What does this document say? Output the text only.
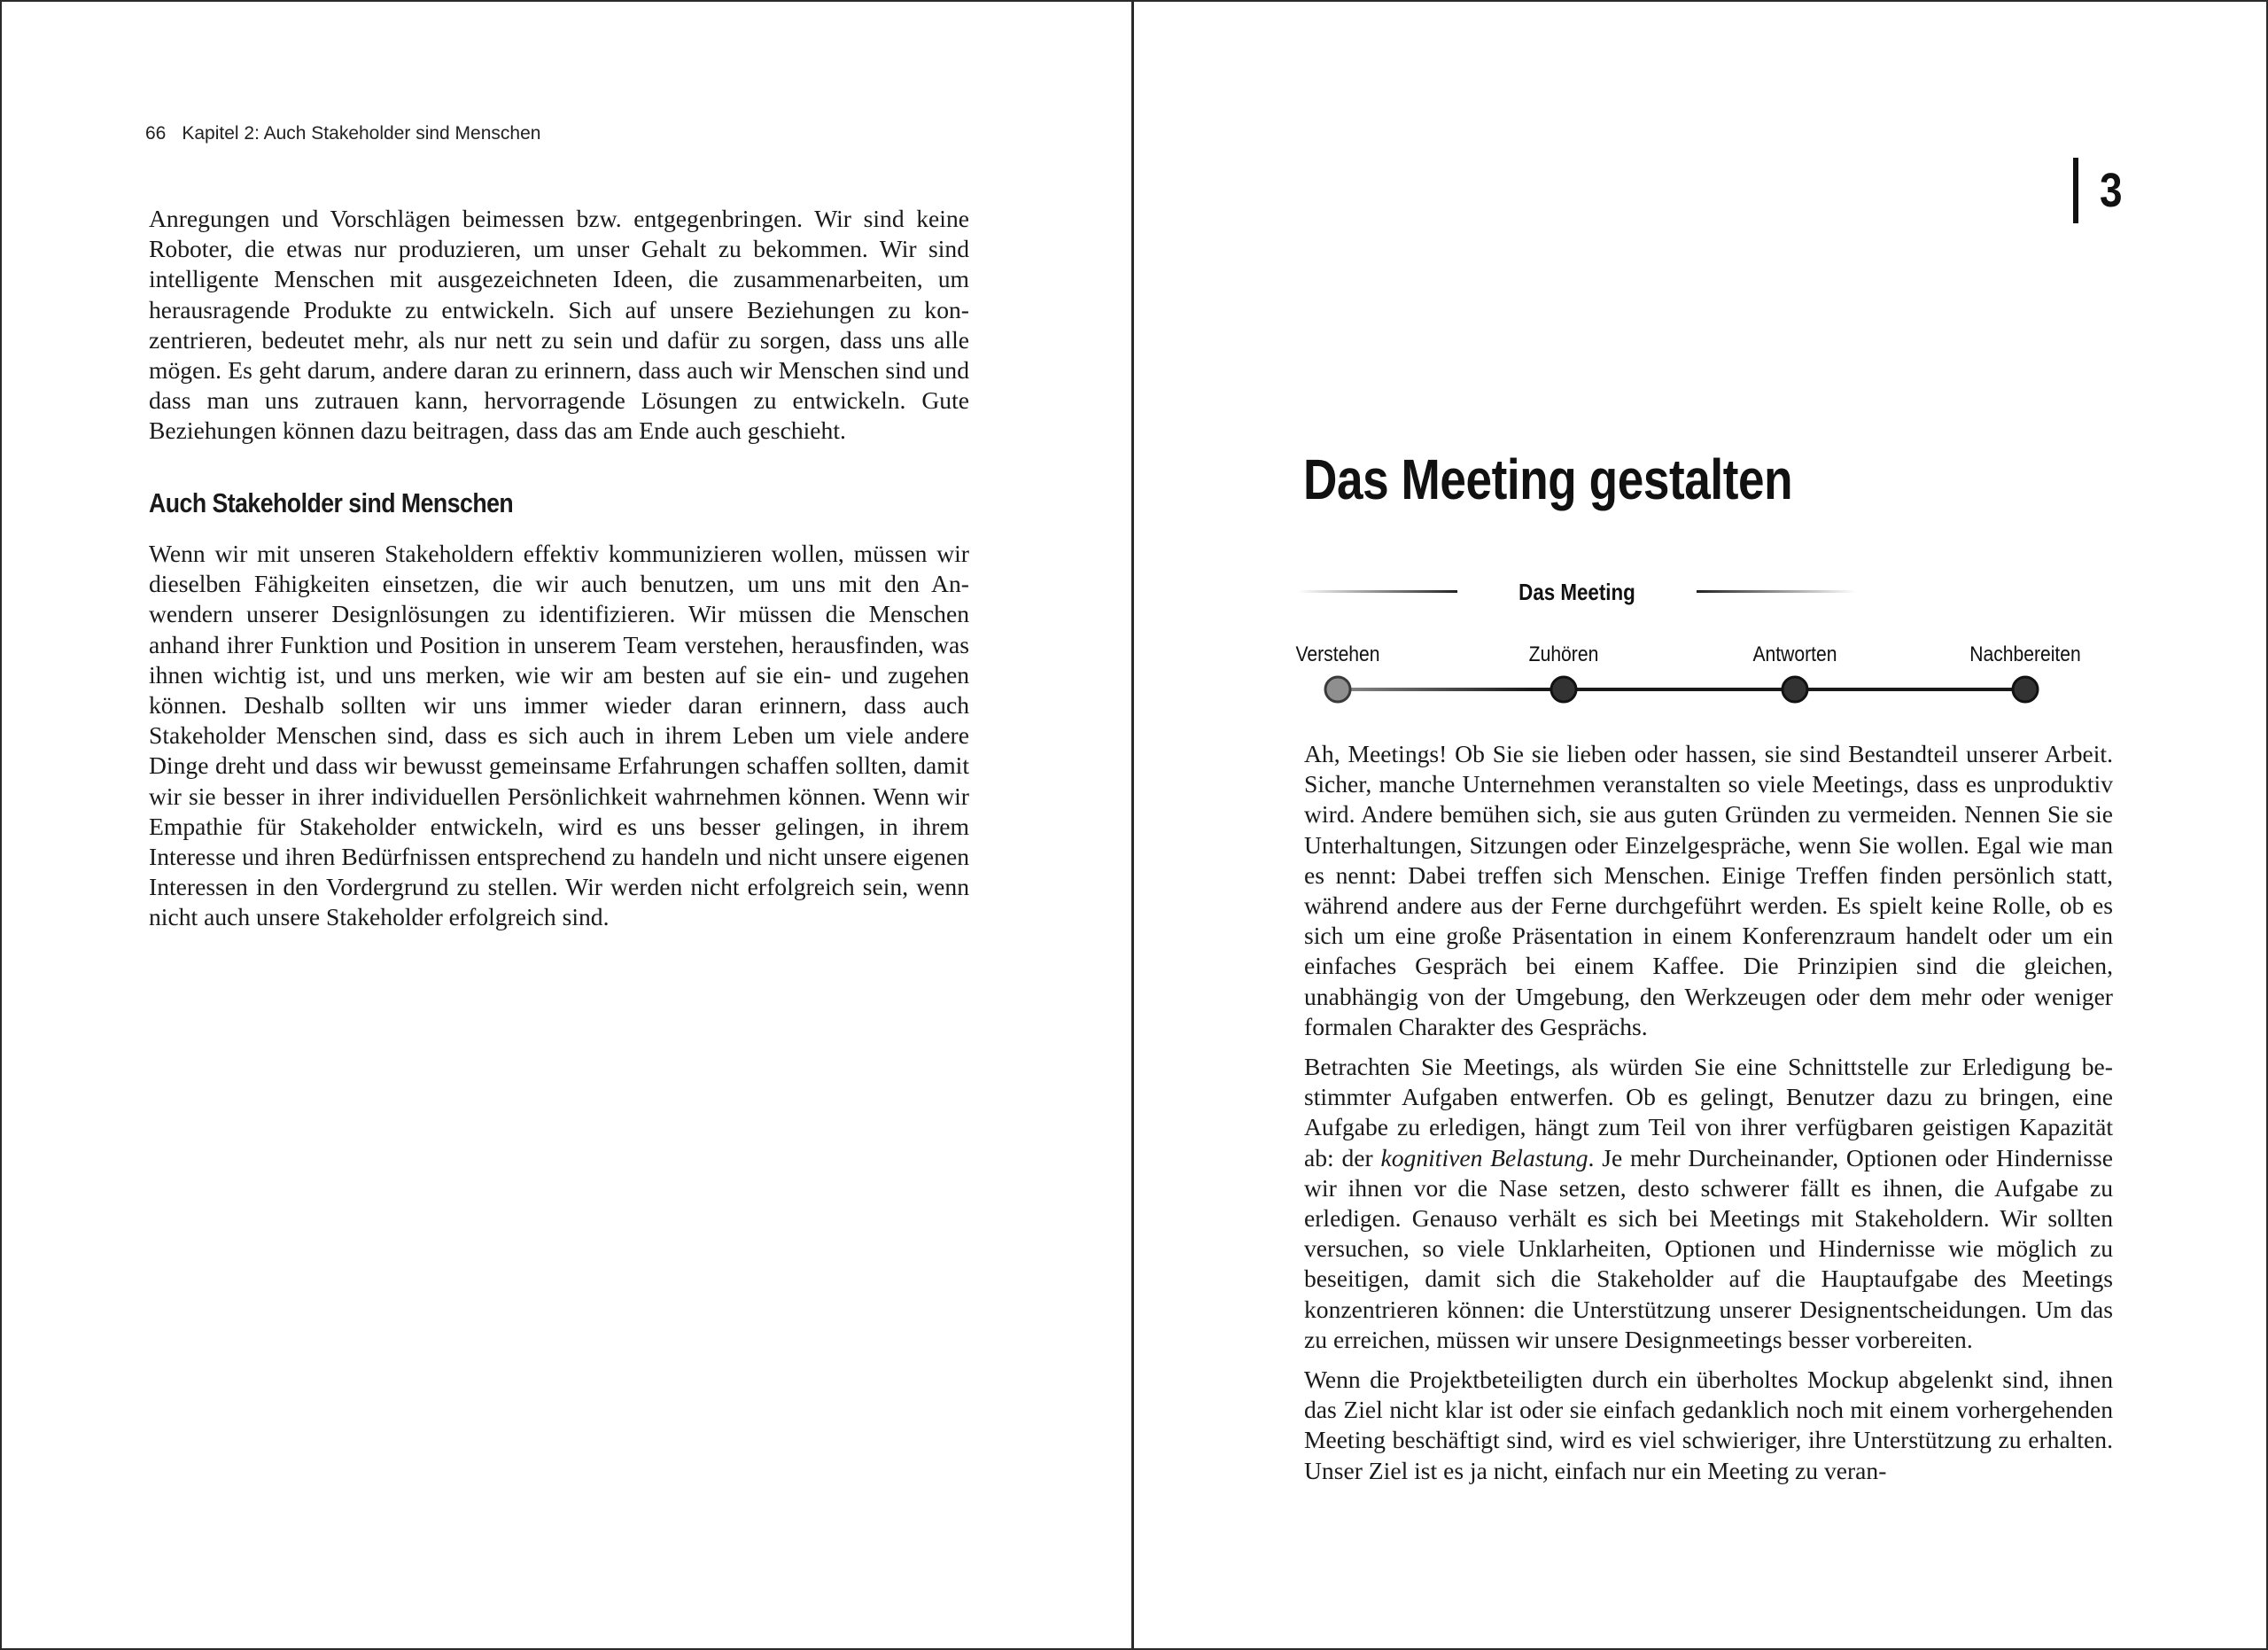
66 Kapitel 2: Auch Stakeholder sind Menschen

Anregungen und Vorschlägen beimessen bzw. entgegenbringen. Wir sind keine Roboter, die etwas nur produzieren, um unser Gehalt zu bekommen. Wir sind intelligente Menschen mit ausgezeichneten Ideen, die zusammenarbeiten, um herausragende Produkte zu entwickeln. Sich auf unsere Beziehungen zu konzentrieren, bedeutet mehr, als nur nett zu sein und dafür zu sorgen, dass uns alle mögen. Es geht darum, andere daran zu erinnern, dass auch wir Menschen sind und dass man uns zutrauen kann, hervorragende Lösungen zu entwickeln. Gute Beziehungen können dazu beitragen, dass das am Ende auch geschieht.

Auch Stakeholder sind Menschen

Wenn wir mit unseren Stakeholdern effektiv kommunizieren wollen, müssen wir dieselben Fähigkeiten einsetzen, die wir auch benutzen, um uns mit den Anwendern unserer Designlösungen zu identifizieren. Wir müssen die Menschen anhand ihrer Funktion und Position in unserem Team verstehen, herausfinden, was ihnen wichtig ist, und uns merken, wie wir am besten auf sie ein- und zugehen können. Deshalb sollten wir uns immer wieder daran erinnern, dass auch Stakeholder Menschen sind, dass es sich auch in ihrem Leben um viele andere Dinge dreht und dass wir bewusst gemeinsame Erfahrungen schaffen sollten, damit wir sie besser in ihrer individuellen Persönlichkeit wahrnehmen können. Wenn wir Empathie für Stakeholder entwickeln, wird es uns besser gelingen, in ihrem Interesse und ihren Bedürfnissen entsprechend zu handeln und nicht unsere eigenen Interessen in den Vordergrund zu stellen. Wir werden nicht erfolgreich sein, wenn nicht auch unsere Stakeholder erfolgreich sind.

3
Das Meeting gestalten
Das Meeting
Verstehen	Zuhören	Antworten	Nachbereiten

Ah, Meetings! Ob Sie sie lieben oder hassen, sie sind Bestandteil unserer Arbeit. Sicher, manche Unternehmen veranstalten so viele Meetings, dass es unproduktiv wird. Andere bemühen sich, sie aus guten Gründen zu vermeiden. Nennen Sie sie Unterhaltungen, Sitzungen oder Einzelgespräche, wenn Sie wollen. Egal wie man es nennt: Dabei treffen sich Menschen. Einige Treffen finden persönlich statt, während andere aus der Ferne durchgeführt werden. Es spielt keine Rolle, ob es sich um eine große Präsentation in einem Konferenzraum handelt oder um ein einfaches Gespräch bei einem Kaffee. Die Prinzipien sind die gleichen, unabhängig von der Umgebung, den Werkzeugen oder dem mehr oder weniger formalen Charakter des Gesprächs.

Betrachten Sie Meetings, als würden Sie eine Schnittstelle zur Erledigung bestimmter Aufgaben entwerfen. Ob es gelingt, Benutzer dazu zu bringen, eine Aufgabe zu erledigen, hängt zum Teil von ihrer verfügbaren geistigen Kapazität ab: der kognitiven Belastung. Je mehr Durcheinander, Optionen oder Hindernisse wir ihnen vor die Nase setzen, desto schwerer fällt es ihnen, die Aufgabe zu erledigen. Genauso verhält es sich bei Meetings mit Stakeholdern. Wir sollten versuchen, so viele Unklarheiten, Optionen und Hindernisse wie möglich zu beseitigen, damit sich die Stakeholder auf die Hauptaufgabe des Meetings konzentrieren können: die Unterstützung unserer Designentscheidungen. Um das zu erreichen, müssen wir unsere Designmeetings besser vorbereiten.

Wenn die Projektbeteiligten durch ein überholtes Mockup abgelenkt sind, ihnen das Ziel nicht klar ist oder sie einfach gedanklich noch mit einem vorhergehenden Meeting beschäftigt sind, wird es viel schwieriger, ihre Unterstützung zu erhalten. Unser Ziel ist es ja nicht, einfach nur ein Meeting zu veran-
